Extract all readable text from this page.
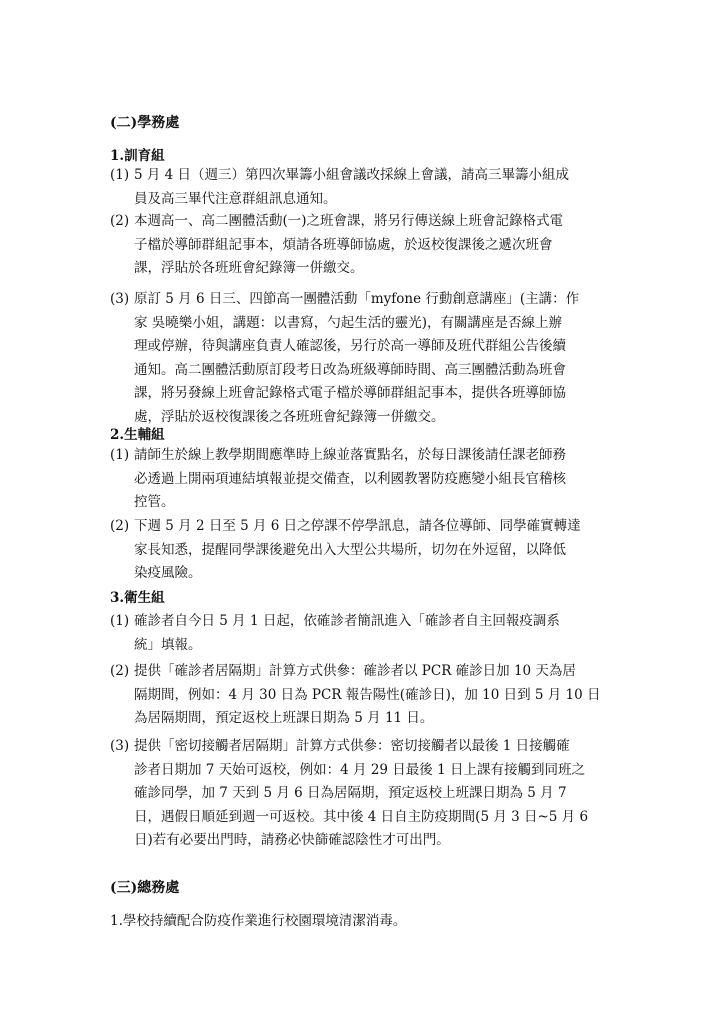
(二)學務處
1.訓育組
(1) 5 月 4 日（週三）第四次畢籌小組會議改採線上會議，請高三畢籌小組成
員及高三畢代注意群組訊息通知。
(2) 本週高一、高二團體活動(一)之班會課，將另行傳送線上班會記錄格式電
子檔於導師群組記事本，煩請各班導師協處，於返校復課後之遞次班會
課，浮貼於各班班會紀錄簿一併繳交。
(3) 原訂 5 月 6 日三、四節高一團體活動「myfone 行動創意講座」(主講：作
家 吳曉樂小姐，講題：以書寫，勺起生活的靈光)，有關講座是否線上辦
理或停辦，待與講座負責人確認後，另行於高一導師及班代群組公告後續
通知。高二團體活動原訂段考日改為班級導師時間、高三團體活動為班會
課，將另發線上班會記錄格式電子檔於導師群組記事本，提供各班導師協
處，浮貼於返校復課後之各班班會紀錄簿一併繳交。
2.生輔組
(1) 請師生於線上教學期間應準時上線並落實點名，於每日課後請任課老師務
必透過上開兩項連結填報並提交備查，以利國教署防疫應變小組長官稽核
控管。
(2) 下週 5 月 2 日至 5 月 6 日之停課不停學訊息，請各位導師、同學確實轉達
家長知悉，提醒同學課後避免出入大型公共場所，切勿在外逗留，以降低
染疫風險。
3.衛生組
(1) 確診者自今日 5 月 1 日起，依確診者簡訊進入「確診者自主回報疫調系
統」填報。
(2) 提供「確診者居隔期」計算方式供參：確診者以 PCR 確診日加 10 天為居
隔期間，例如：4 月 30 日為 PCR 報告陽性(確診日)，加 10 日到 5 月 10 日
為居隔期間，預定返校上班課日期為 5 月 11 日。
(3) 提供「密切接觸者居隔期」計算方式供參：密切接觸者以最後 1 日接觸確
診者日期加 7 天始可返校，例如：4 月 29 日最後 1 日上課有接觸到同班之
確診同學，加 7 天到 5 月 6 日為居隔期，預定返校上班課日期為 5 月 7
日，遇假日順延到週一可返校。其中後 4 日自主防疫期間(5 月 3 日~5 月 6
日)若有必要出門時，請務必快篩確認陰性才可出門。
(三)總務處
1.學校持續配合防疫作業進行校園環境清潔消毒。
